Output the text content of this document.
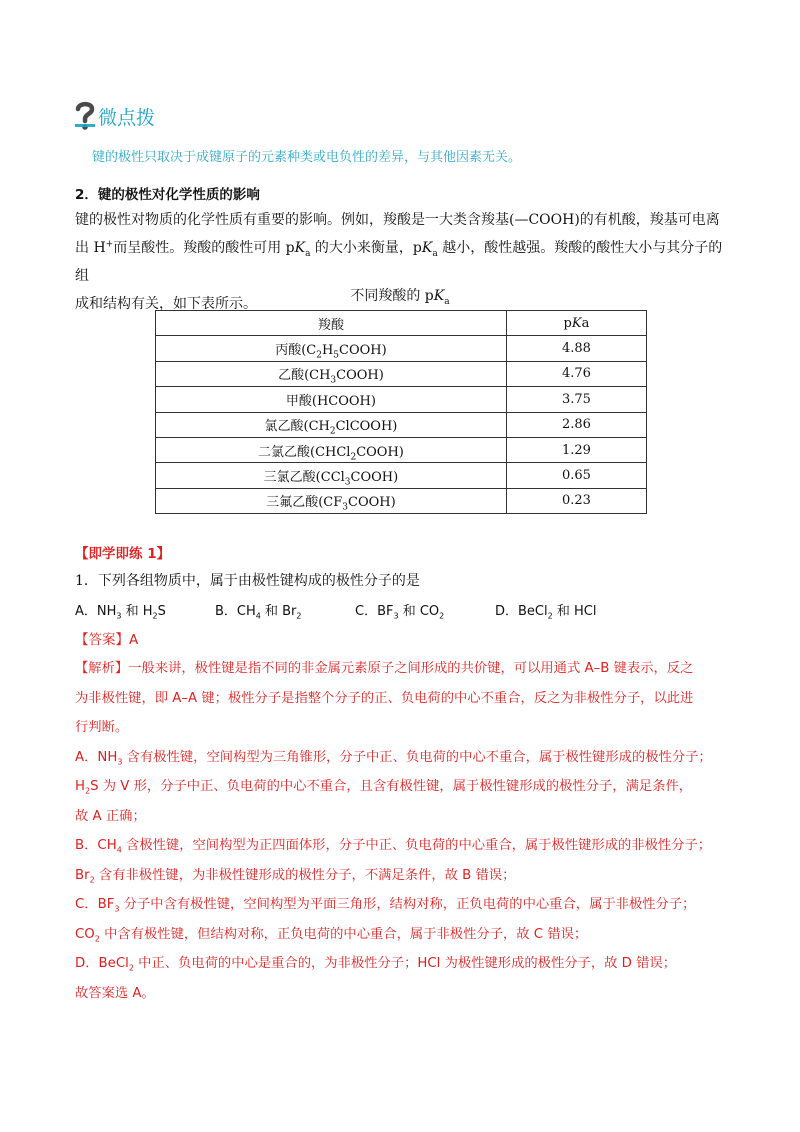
微点拨
键的极性只取决于成键原子的元素种类或电负性的差异，与其他因素无关。
2．键的极性对化学性质的影响
键的极性对物质的化学性质有重要的影响。例如，羧酸是一大类含羧基(—COOH)的有机酸，羧基可电离
出 H+而呈酸性。羧酸的酸性可用 $pK_a$ 的大小来衡量，$pK_a$ 越小，酸性越强。羧酸的酸性大小与其分子的组
成和结构有关，如下表所示。	不同羧酸的 $pK_a$
羧酸	pKa
丙酸$(C_2H_5COOH)$	4.88
乙酸$(CH_3COOH)$	4.76
甲酸(HCOOH)	3.75
氯乙酸$(CH_2ClCOOH)$	2.86
二氯乙酸(CHCl$_2$COOH)	1.29
三氯乙酸(CCl$_3$COOH)	0.65
三氟乙酸$(CF_3COOH)$	0.23
【即学即练 1】
1．下列各组物质中，属于由极性键构成的极性分子的是
A．$NH_3$ 和 $H_2S$	B．$CH_4$ 和 $Br_2$	C．$BF_3$ 和 $CO_2$	D．BeCl$_2$ 和 HCl
【答案】A
【解析】一般来讲，极性键是指不同的非金属元素原子之间形成的共价键，可以用通式 A–B 键表示，反之
为非极性键，即 A–A 键；极性分子是指整个分子的正、负电荷的中心不重合，反之为非极性分子，以此进
行判断。
A．$NH_3$ 含有极性键，空间构型为三角锥形，分子中正、负电荷的中心不重合，属于极性键形成的极性分子；
$H_2S$ 为 V 形，分子中正、负电荷的中心不重合，且含有极性键，属于极性键形成的极性分子，满足条件，
故 A 正确；
B．$CH_4$ 含极性键，空间构型为正四面体形，分子中正、负电荷的中心重合，属于极性键形成的非极性分子；
$Br_2$ 含有非极性键，为非极性键形成的极性分子，不满足条件，故 B 错误；
C．$BF_3$ 分子中含有极性键，空间构型为平面三角形，结构对称，正负电荷的中心重合，属于非极性分子；
$CO_2$ 中含有极性键，但结构对称，正负电荷的中心重合，属于非极性分子，故 C 错误；
D．BeCl$_2$ 中正、负电荷的中心是重合的，为非极性分子；HCl 为极性键形成的极性分子，故 D 错误；
故答案选 A。
